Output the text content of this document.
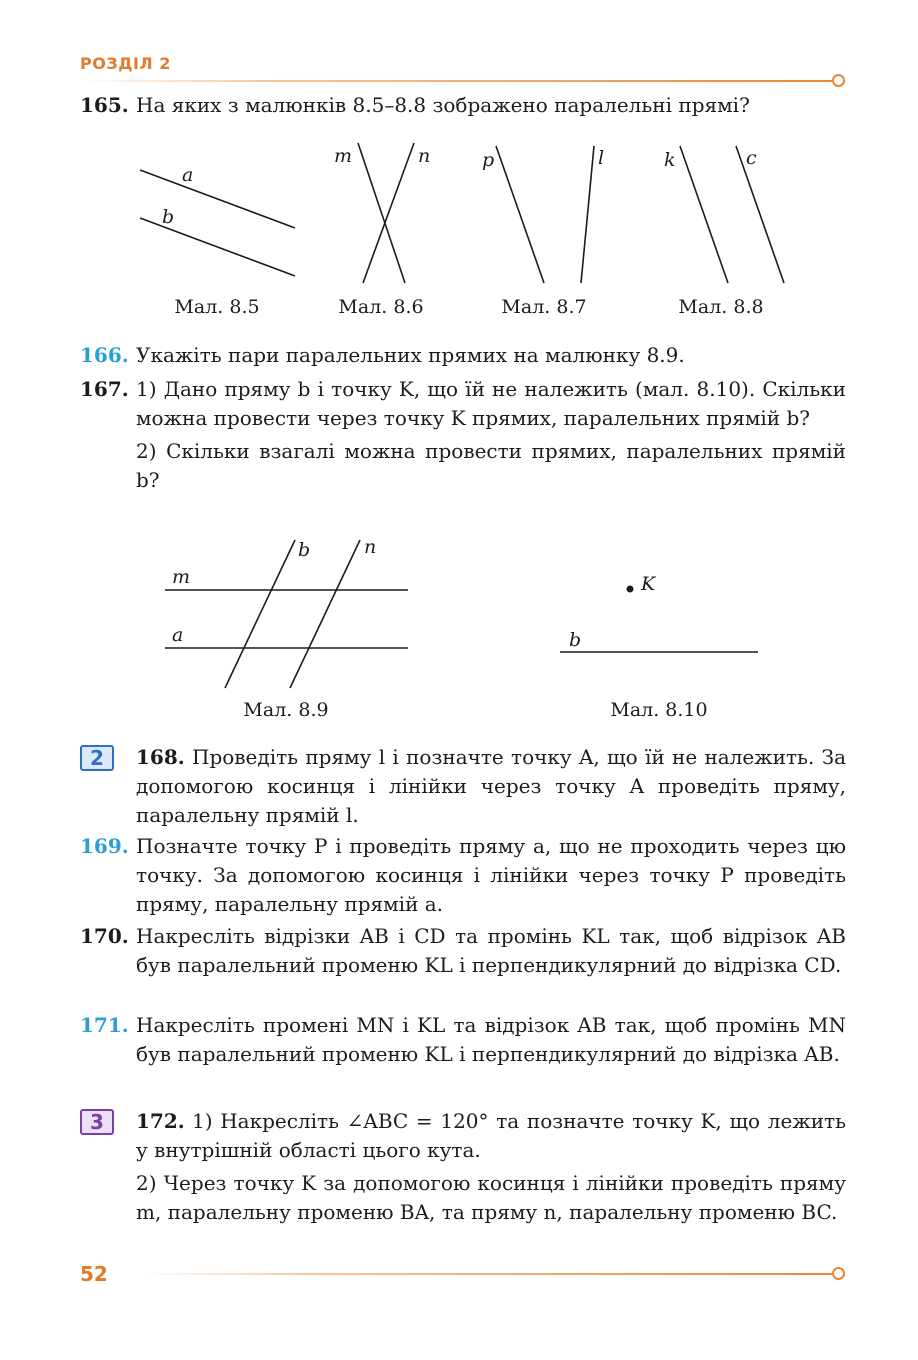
РОЗДІЛ 2
165. На яких з малюнків 8.5–8.8 зображено паралельні прямі?

a
b
m	n	p	l	k	c
Мал. 8.5	Мал. 8.6	Мал. 8.7	Мал. 8.8
166. Укажіть пари паралельних прямих на малюнку 8.9.

167. 1) Дано пряму b і точку K, що їй не належить (мал. 8.10). Скільки можна провести через точку K прямих, паралельних прямій b?

2) Скільки взагалі можна провести прямих, паралельних прямій b?

m
a
b	n
K
b
Мал. 8.9	Мал. 8.10
2	168. Проведіть пряму l і позначте точку A, що їй не належить. За допомогою косинця і лінійки через точку A проведіть пряму, паралельну прямій l.

169. Позначте точку P і проведіть пряму a, що не проходить через цю точку. За допомогою косинця і лінійки через точку P проведіть пряму, паралельну прямій a.

170. Накресліть відрізки AB і CD та промінь KL так, щоб відрізок AB був паралельний променю KL і перпендикулярний до відрізка CD.

171. Накресліть промені MN і KL та відрізок AB так, щоб промінь MN був паралельний променю KL і перпендикулярний до відрізка AB.

3	172. 1) Накресліть ∠ABC = 120° та позначте точку K, що лежить у внутрішній області цього кута.

2) Через точку K за допомогою косинця і лінійки проведіть пряму m, паралельну променю BA, та пряму n, паралельну променю BC.

52
